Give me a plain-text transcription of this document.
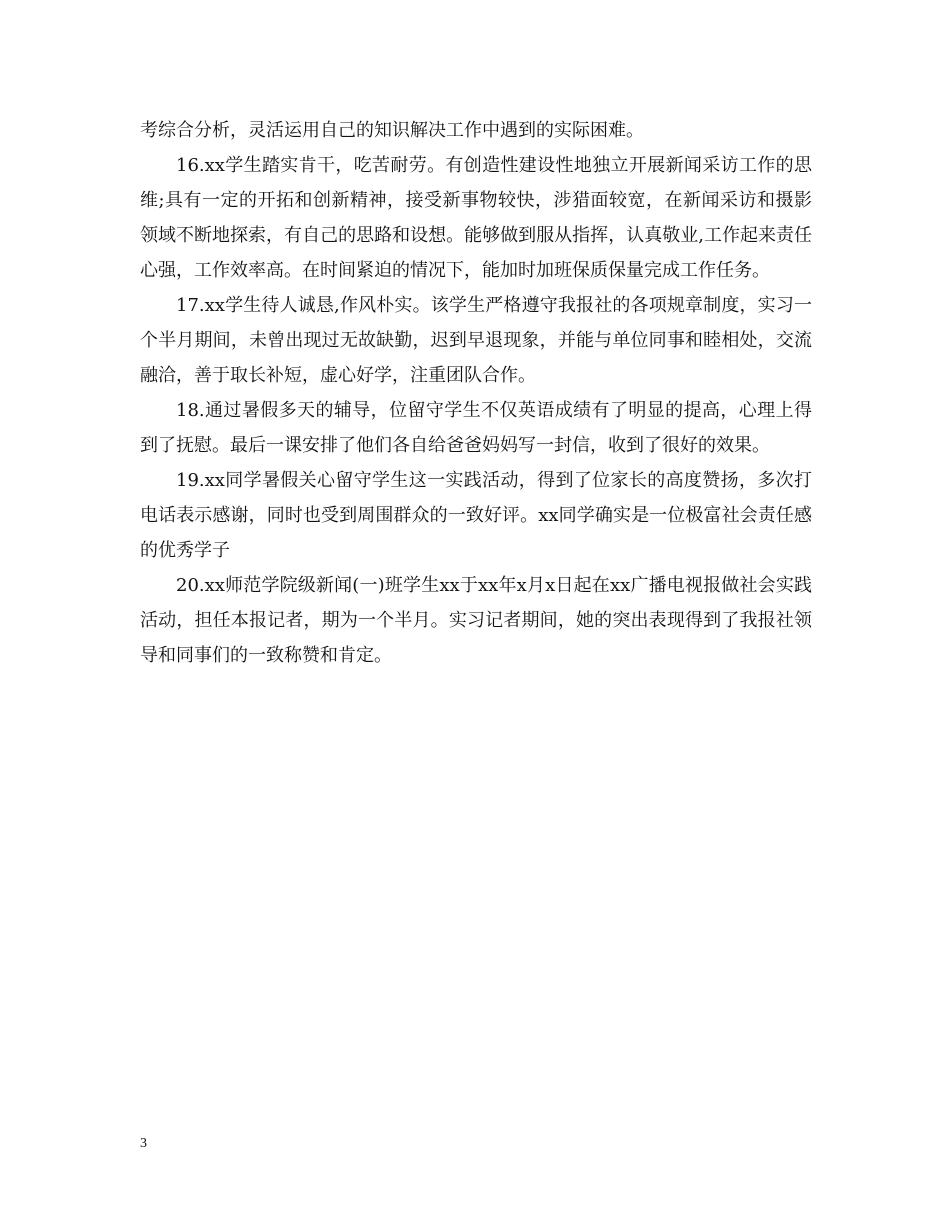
考综合分析，灵活运用自己的知识解决工作中遇到的实际困难。

16.xx学生踏实肯干，吃苦耐劳。有创造性建设性地独立开展新闻采访工作的思维;具有一定的开拓和创新精神，接受新事物较快，涉猎面较宽，在新闻采访和摄影领域不断地探索，有自己的思路和设想。能够做到服从指挥，认真敬业,工作起来责任心强，工作效率高。在时间紧迫的情况下，能加时加班保质保量完成工作任务。

17.xx学生待人诚恳,作风朴实。该学生严格遵守我报社的各项规章制度，实习一个半月期间，未曾出现过无故缺勤，迟到早退现象，并能与单位同事和睦相处，交流融洽，善于取长补短，虚心好学，注重团队合作。

18.通过暑假多天的辅导，位留守学生不仅英语成绩有了明显的提高，心理上得到了抚慰。最后一课安排了他们各自给爸爸妈妈写一封信，收到了很好的效果。

19.xx同学暑假关心留守学生这一实践活动，得到了位家长的高度赞扬，多次打电话表示感谢，同时也受到周围群众的一致好评。xx同学确实是一位极富社会责任感的优秀学子

20.xx师范学院级新闻(一)班学生xx于xx年x月x日起在xx广播电视报做社会实践活动，担任本报记者，期为一个半月。实习记者期间，她的突出表现得到了我报社领导和同事们的一致称赞和肯定。

3
